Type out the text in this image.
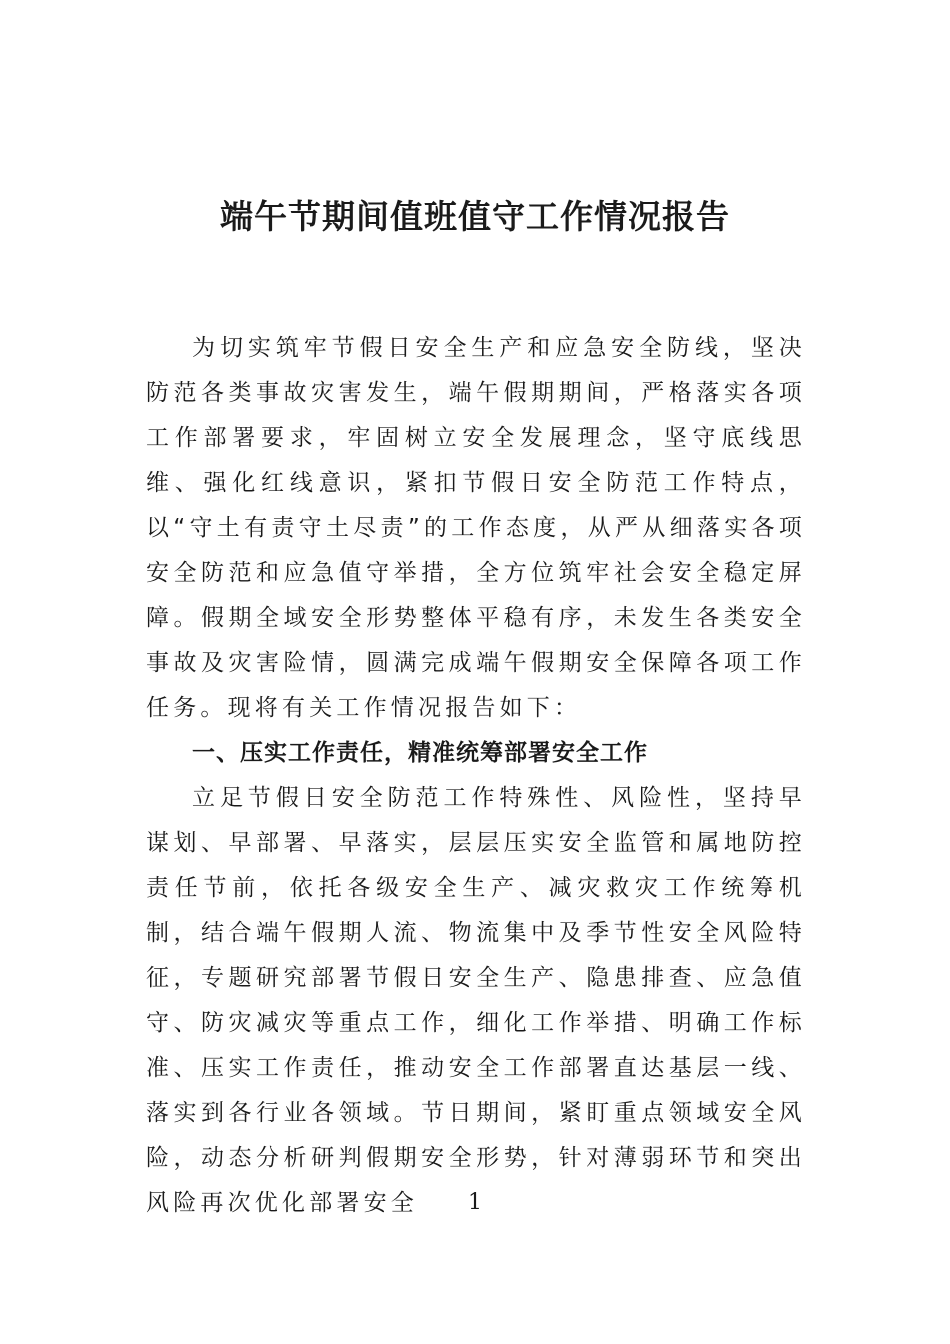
端午节期间值班值守工作情况报告

为切实筑牢节假日安全生产和应急安全防线，坚决防范各类事故灾害发生，端午假期期间，严格落实各项工作部署要求，牢固树立安全发展理念，坚守底线思维、强化红线意识，紧扣节假日安全防范工作特点，以“守土有责守土尽责”的工作态度，从严从细落实各项安全防范和应急值守举措，全方位筑牢社会安全稳定屏障。假期全域安全形势整体平稳有序，未发生各类安全事故及灾害险情，圆满完成端午假期安全保障各项工作任务。现将有关工作情况报告如下：

一、压实工作责任，精准统筹部署安全工作

立足节假日安全防范工作特殊性、风险性，坚持早谋划、早部署、早落实，层层压实安全监管和属地防控责任节前，依托各级安全生产、减灾救灾工作统筹机制，结合端午假期人流、物流集中及季节性安全风险特征，专题研究部署节假日安全生产、隐患排查、应急值守、防灾减灾等重点工作，细化工作举措、明确工作标准、压实工作责任，推动安全工作部署直达基层一线、落实到各行业各领域。节日期间，紧盯重点领域安全风险，动态分析研判假期安全形势，针对薄弱环节和突出风险再次优化部署安全	1
